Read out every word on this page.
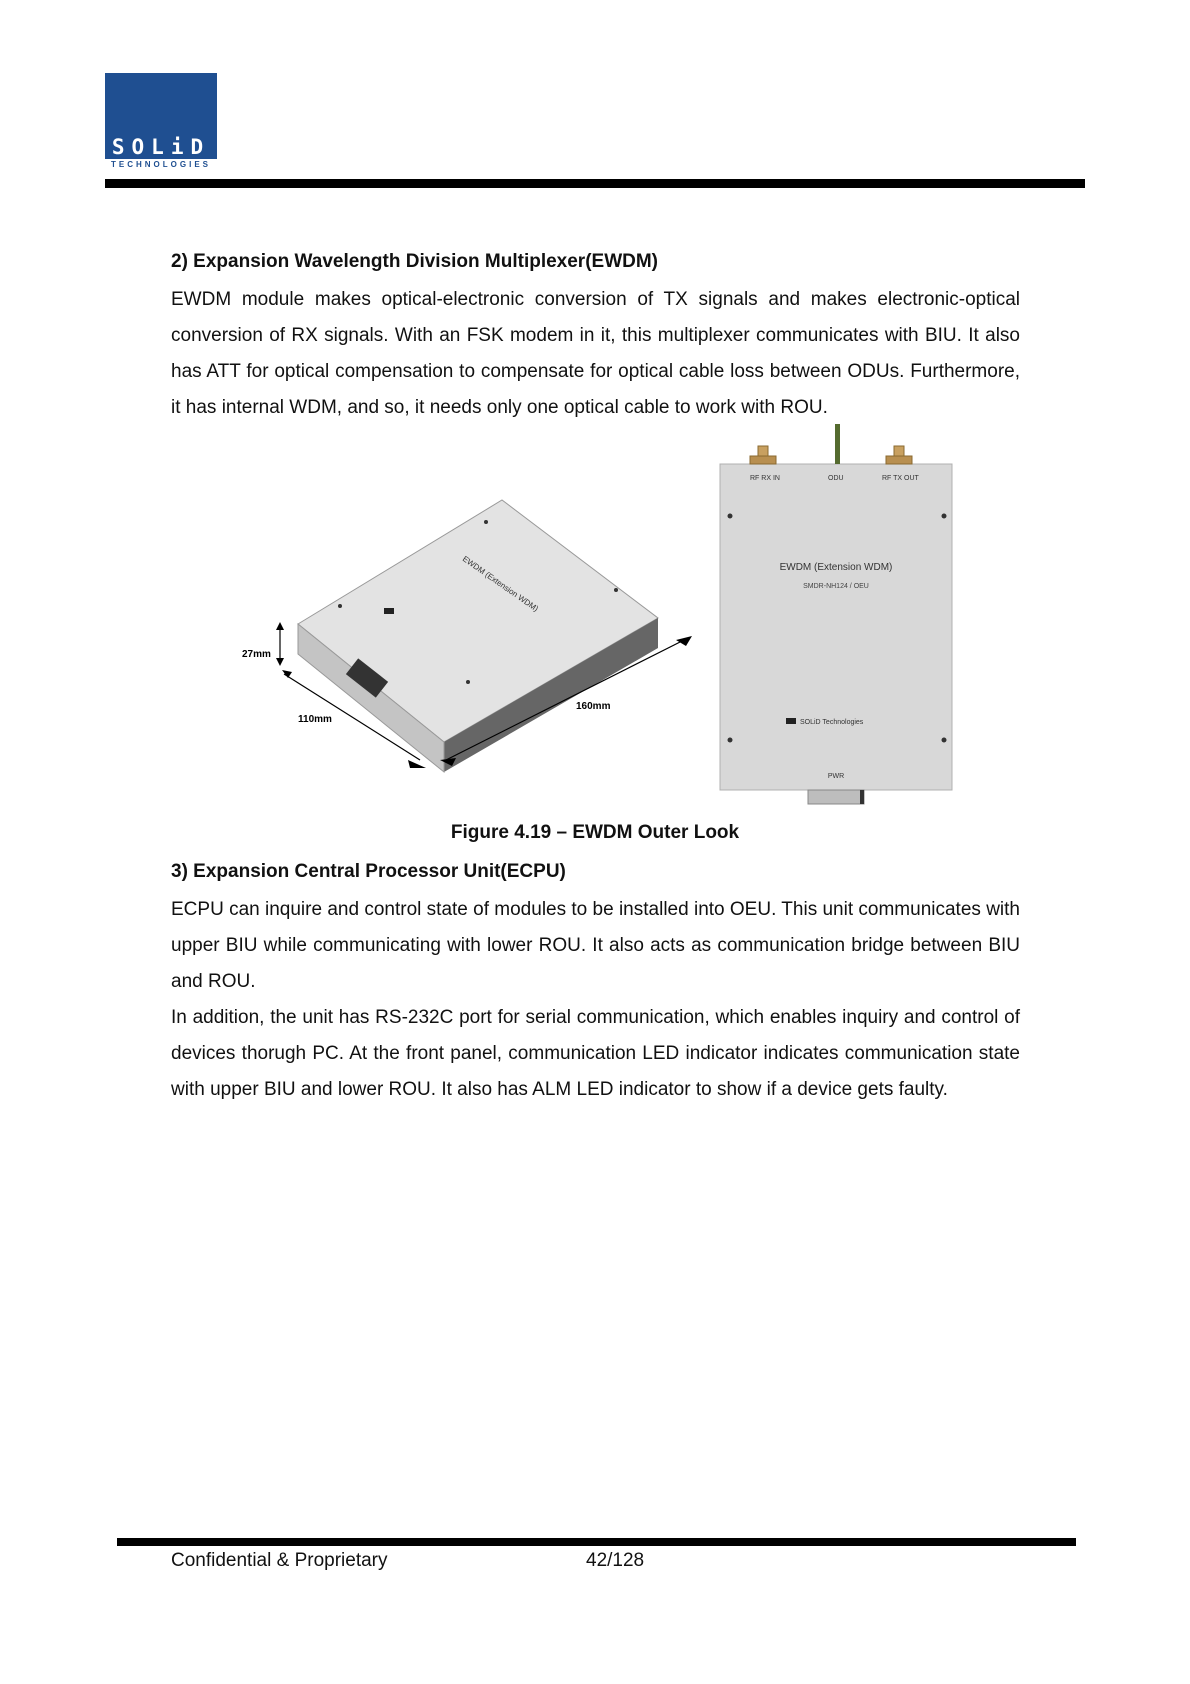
SOLiD
TECHNOLOGIES
2) Expansion Wavelength Division Multiplexer(EWDM)

EWDM module makes optical-electronic conversion of TX signals and makes electronic-optical conversion of RX signals. With an FSK modem in it, this multiplexer communicates with BIU. It also has ATT for optical compensation to compensate for optical cable loss between ODUs. Furthermore, it has internal WDM, and so, it needs only one optical cable to work with ROU.

EWDM (Extension WDM)
27mm
110mm
160mm
RF RX IN	ODU	RF TX OUT
EWDM (Extension WDM)
SMDR-NH124 / OEU
SOLiD Technologies
PWR
Figure 4.19 – EWDM Outer Look
3) Expansion Central Processor Unit(ECPU)

ECPU can inquire and control state of modules to be installed into OEU. This unit communicates with upper BIU while communicating with lower ROU. It also acts as communication bridge between BIU and ROU.

In addition, the unit has RS-232C port for serial communication, which enables inquiry and control of devices thorugh PC. At the front panel, communication LED indicator indicates communication state with upper BIU and lower ROU. It also has ALM LED indicator to show if a device gets faulty.

Confidential & Proprietary	42/128
